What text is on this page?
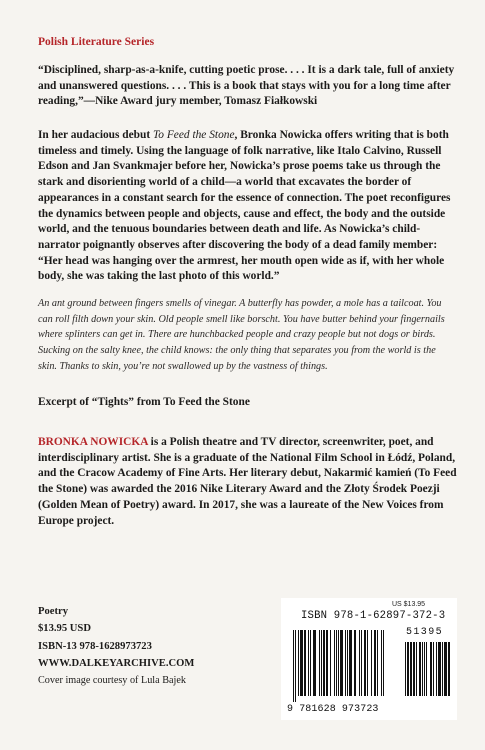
Polish Literature Series

“Disciplined, sharp-as-a-knife, cutting poetic prose. . . . It is a dark tale, full of anxiety and unanswered questions. . . . This is a book that stays with you for a long time after reading,”—Nike Award jury member, Tomasz Fiałkowski

In her audacious debut To Feed the Stone, Bronka Nowicka offers writing that is both timeless and timely. Using the language of folk narrative, like Italo Calvino, Russell Edson and Jan Svankmajer before her, Nowicka’s prose poems take us through the stark and disorienting world of a child—a world that excavates the border of appearances in a constant search for the essence of connection. The poet reconfigures the dynamics between people and objects, cause and effect, the body and the outside world, and the tenuous boundaries between death and life. As Nowicka’s child-narrator poignantly observes after discovering the body of a dead family member: “Her head was hanging over the armrest, her mouth open wide as if, with her whole body, she was taking the last photo of this world.”

An ant ground between fingers smells of vinegar. A butterfly has powder, a mole has a tailcoat. You can roll filth down your skin. Old people smell like borscht. You have butter behind your fingernails where splinters can get in. There are hunchbacked people and crazy people but not dogs or birds. Sucking on the salty knee, the child knows: the only thing that separates you from the world is the skin. Thanks to skin, you’re not swallowed up by the vastness of things.

Excerpt of “Tights” from To Feed the Stone

BRONKA NOWICKA is a Polish theatre and TV director, screenwriter, poet, and interdisciplinary artist. She is a graduate of the National Film School in Łódź, Poland, and the Cracow Academy of Fine Arts. Her literary debut, Nakarmić kamień (To Feed the Stone) was awarded the 2016 Nike Literary Award and the Złoty Środek Poezji (Golden Mean of Poetry) award. In 2017, she was a laureate of the New Voices from Europe project.

Poetry
$13.95 USD
ISBN-13 978-1628973723
WWW.DALKEYARCHIVE.COM
Cover image courtesy of Lula Bajek
US $13.95
ISBN 978-1-62897-372-3
51395
9 781628 973723
